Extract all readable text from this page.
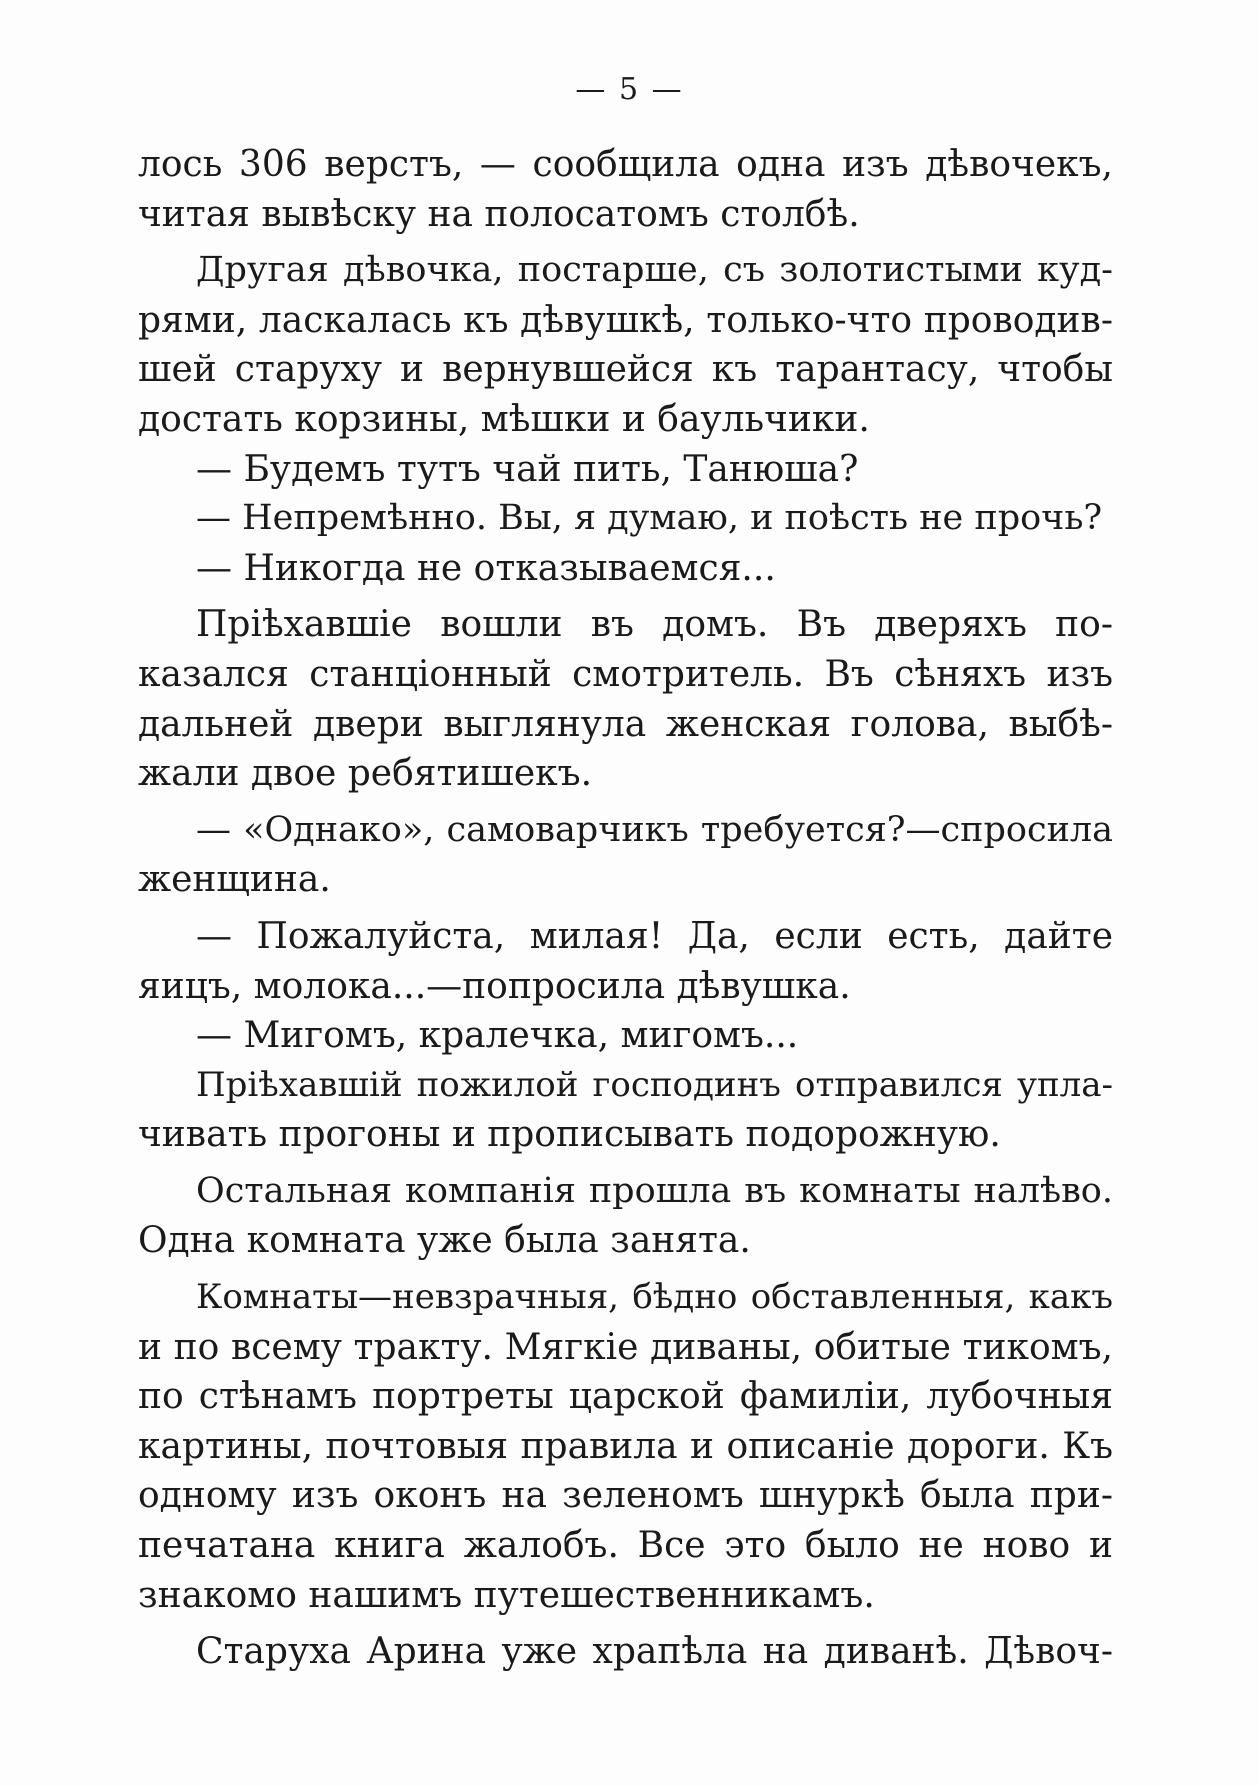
— 5 —
лось 306 верстъ, — сообщила одна изъ дѣвочекъ,
читая вывѣску на полосатомъ столбѣ.
Другая дѣвочка, постарше, съ золотистыми куд-
рями, ласкалась къ дѣвушкѣ, только-что проводив-
шей старуху и вернувшейся къ тарантасу, чтобы
достать корзины, мѣшки и баульчики.
— Будемъ тутъ чай пить, Танюша?
— Непремѣнно. Вы, я думаю, и поѣсть не прочь?
— Никогда не отказываемся...
Пріѣхавшіе вошли въ домъ. Въ дверяхъ по-
казался станціонный смотритель. Въ сѣняхъ изъ
дальней двери выглянула женская голова, выбѣ-
жали двое ребятишекъ.
— «Однако», самоварчикъ требуется?—спросила
женщина.
— Пожалуйста, милая! Да, если есть, дайте
яицъ, молока...—попросила дѣвушка.
— Мигомъ, кралечка, мигомъ...
Пріѣхавшій пожилой господинъ отправился упла-
чивать прогоны и прописывать подорожную.
Остальная компанія прошла въ комнаты налѣво.
Одна комната уже была занята.
Комнаты—невзрачныя, бѣдно обставленныя, какъ
и по всему тракту. Мягкіе диваны, обитые тикомъ,
по стѣнамъ портреты царской фамиліи, лубочныя
картины, почтовыя правила и описаніе дороги. Къ
одному изъ оконъ на зеленомъ шнуркѣ была при-
печатана книга жалобъ. Все это было не ново и
знакомо нашимъ путешественникамъ.
Старуха Арина уже храпѣла на диванѣ. Дѣвоч-
